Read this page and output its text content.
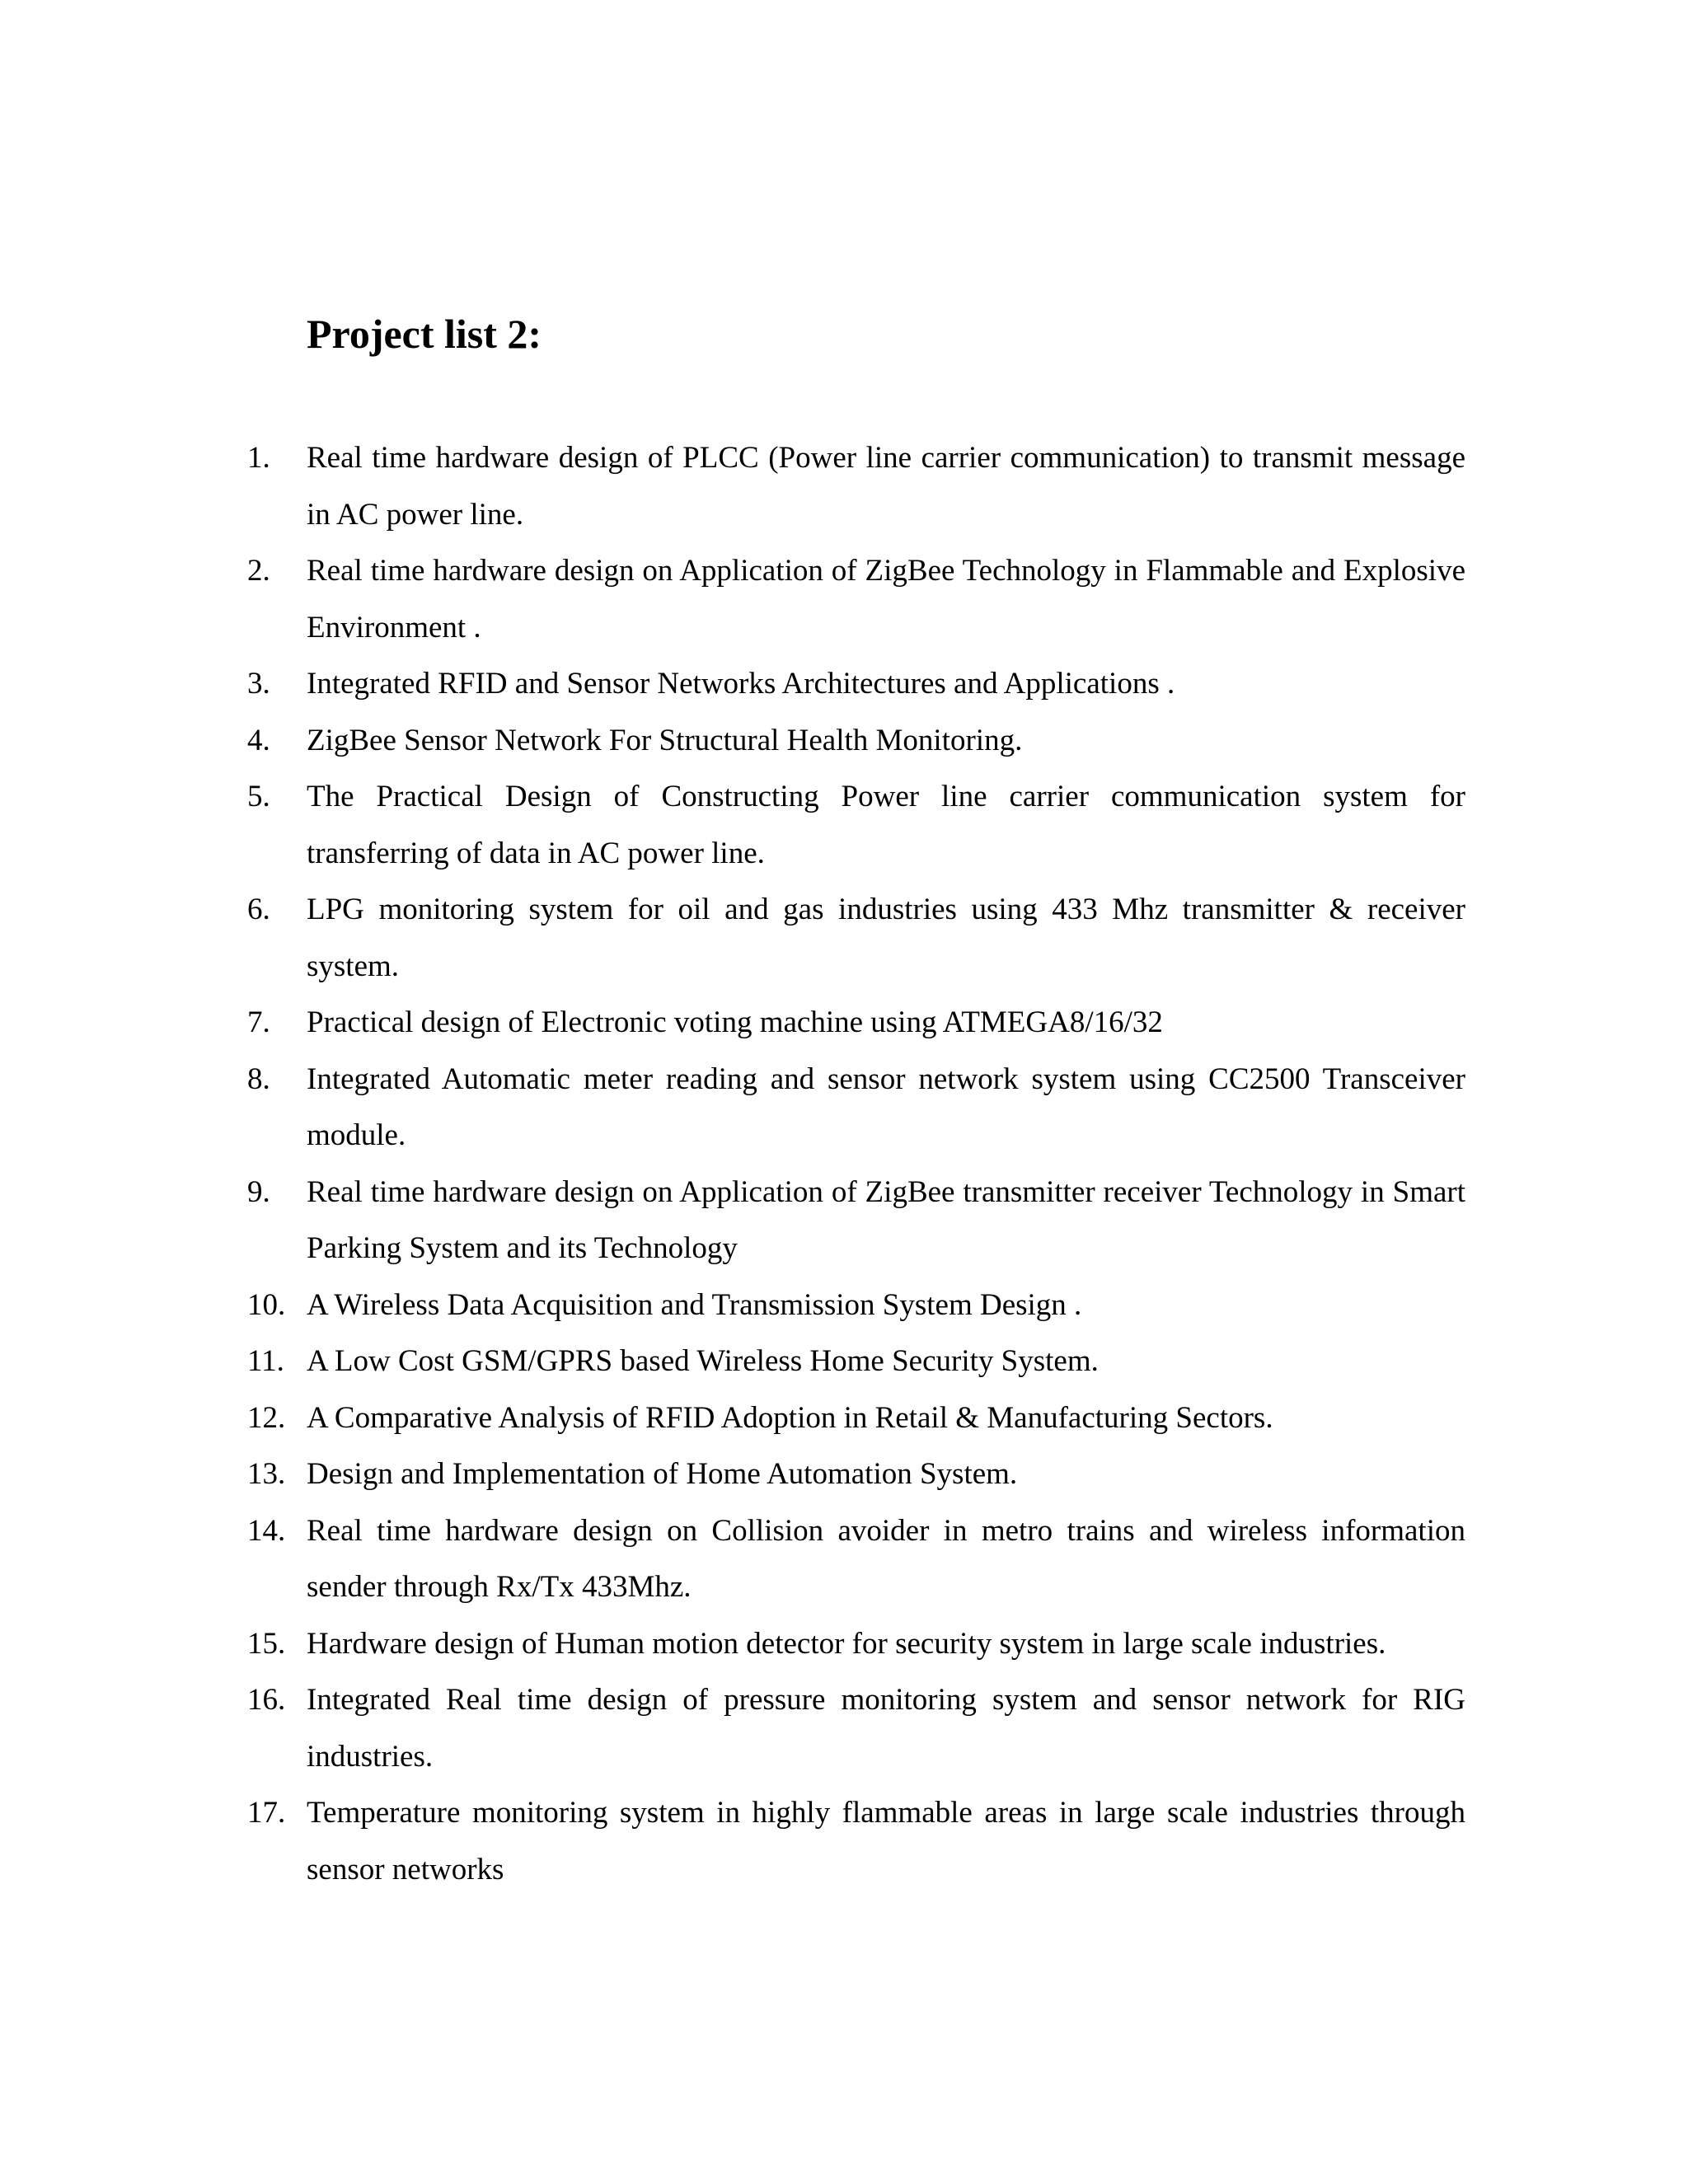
Project list 2:
1.	Real time hardware design of PLCC (Power line carrier communication) to transmit message in AC power line.
2.	Real time hardware design on Application of ZigBee Technology in Flammable and Explosive Environment .
3.	Integrated RFID and Sensor Networks Architectures and Applications .
4.	ZigBee Sensor Network For Structural Health Monitoring.
5.	The Practical Design of Constructing Power line carrier communication system for transferring of data in AC power line.
6.	LPG monitoring system for oil and gas industries using 433 Mhz transmitter & receiver system.
7.	Practical design of Electronic voting machine using ATMEGA8/16/32
8.	Integrated Automatic meter reading and sensor network system using CC2500 Transceiver module.
9.	Real time hardware design on Application of ZigBee transmitter receiver Technology in Smart Parking System and its Technology
10. A Wireless Data Acquisition and Transmission System Design .
11. A Low Cost GSM/GPRS based Wireless Home Security System.
12. A Comparative Analysis of RFID Adoption in Retail & Manufacturing Sectors.
13. Design and Implementation of Home Automation System.
14. Real time hardware design on Collision avoider in metro trains and wireless information sender through Rx/Tx 433Mhz.
15. Hardware design of Human motion detector for security system in large scale industries.
16. Integrated Real time design of pressure monitoring system and sensor network for RIG industries.
17. Temperature monitoring system in highly flammable areas in large scale industries through sensor networks
